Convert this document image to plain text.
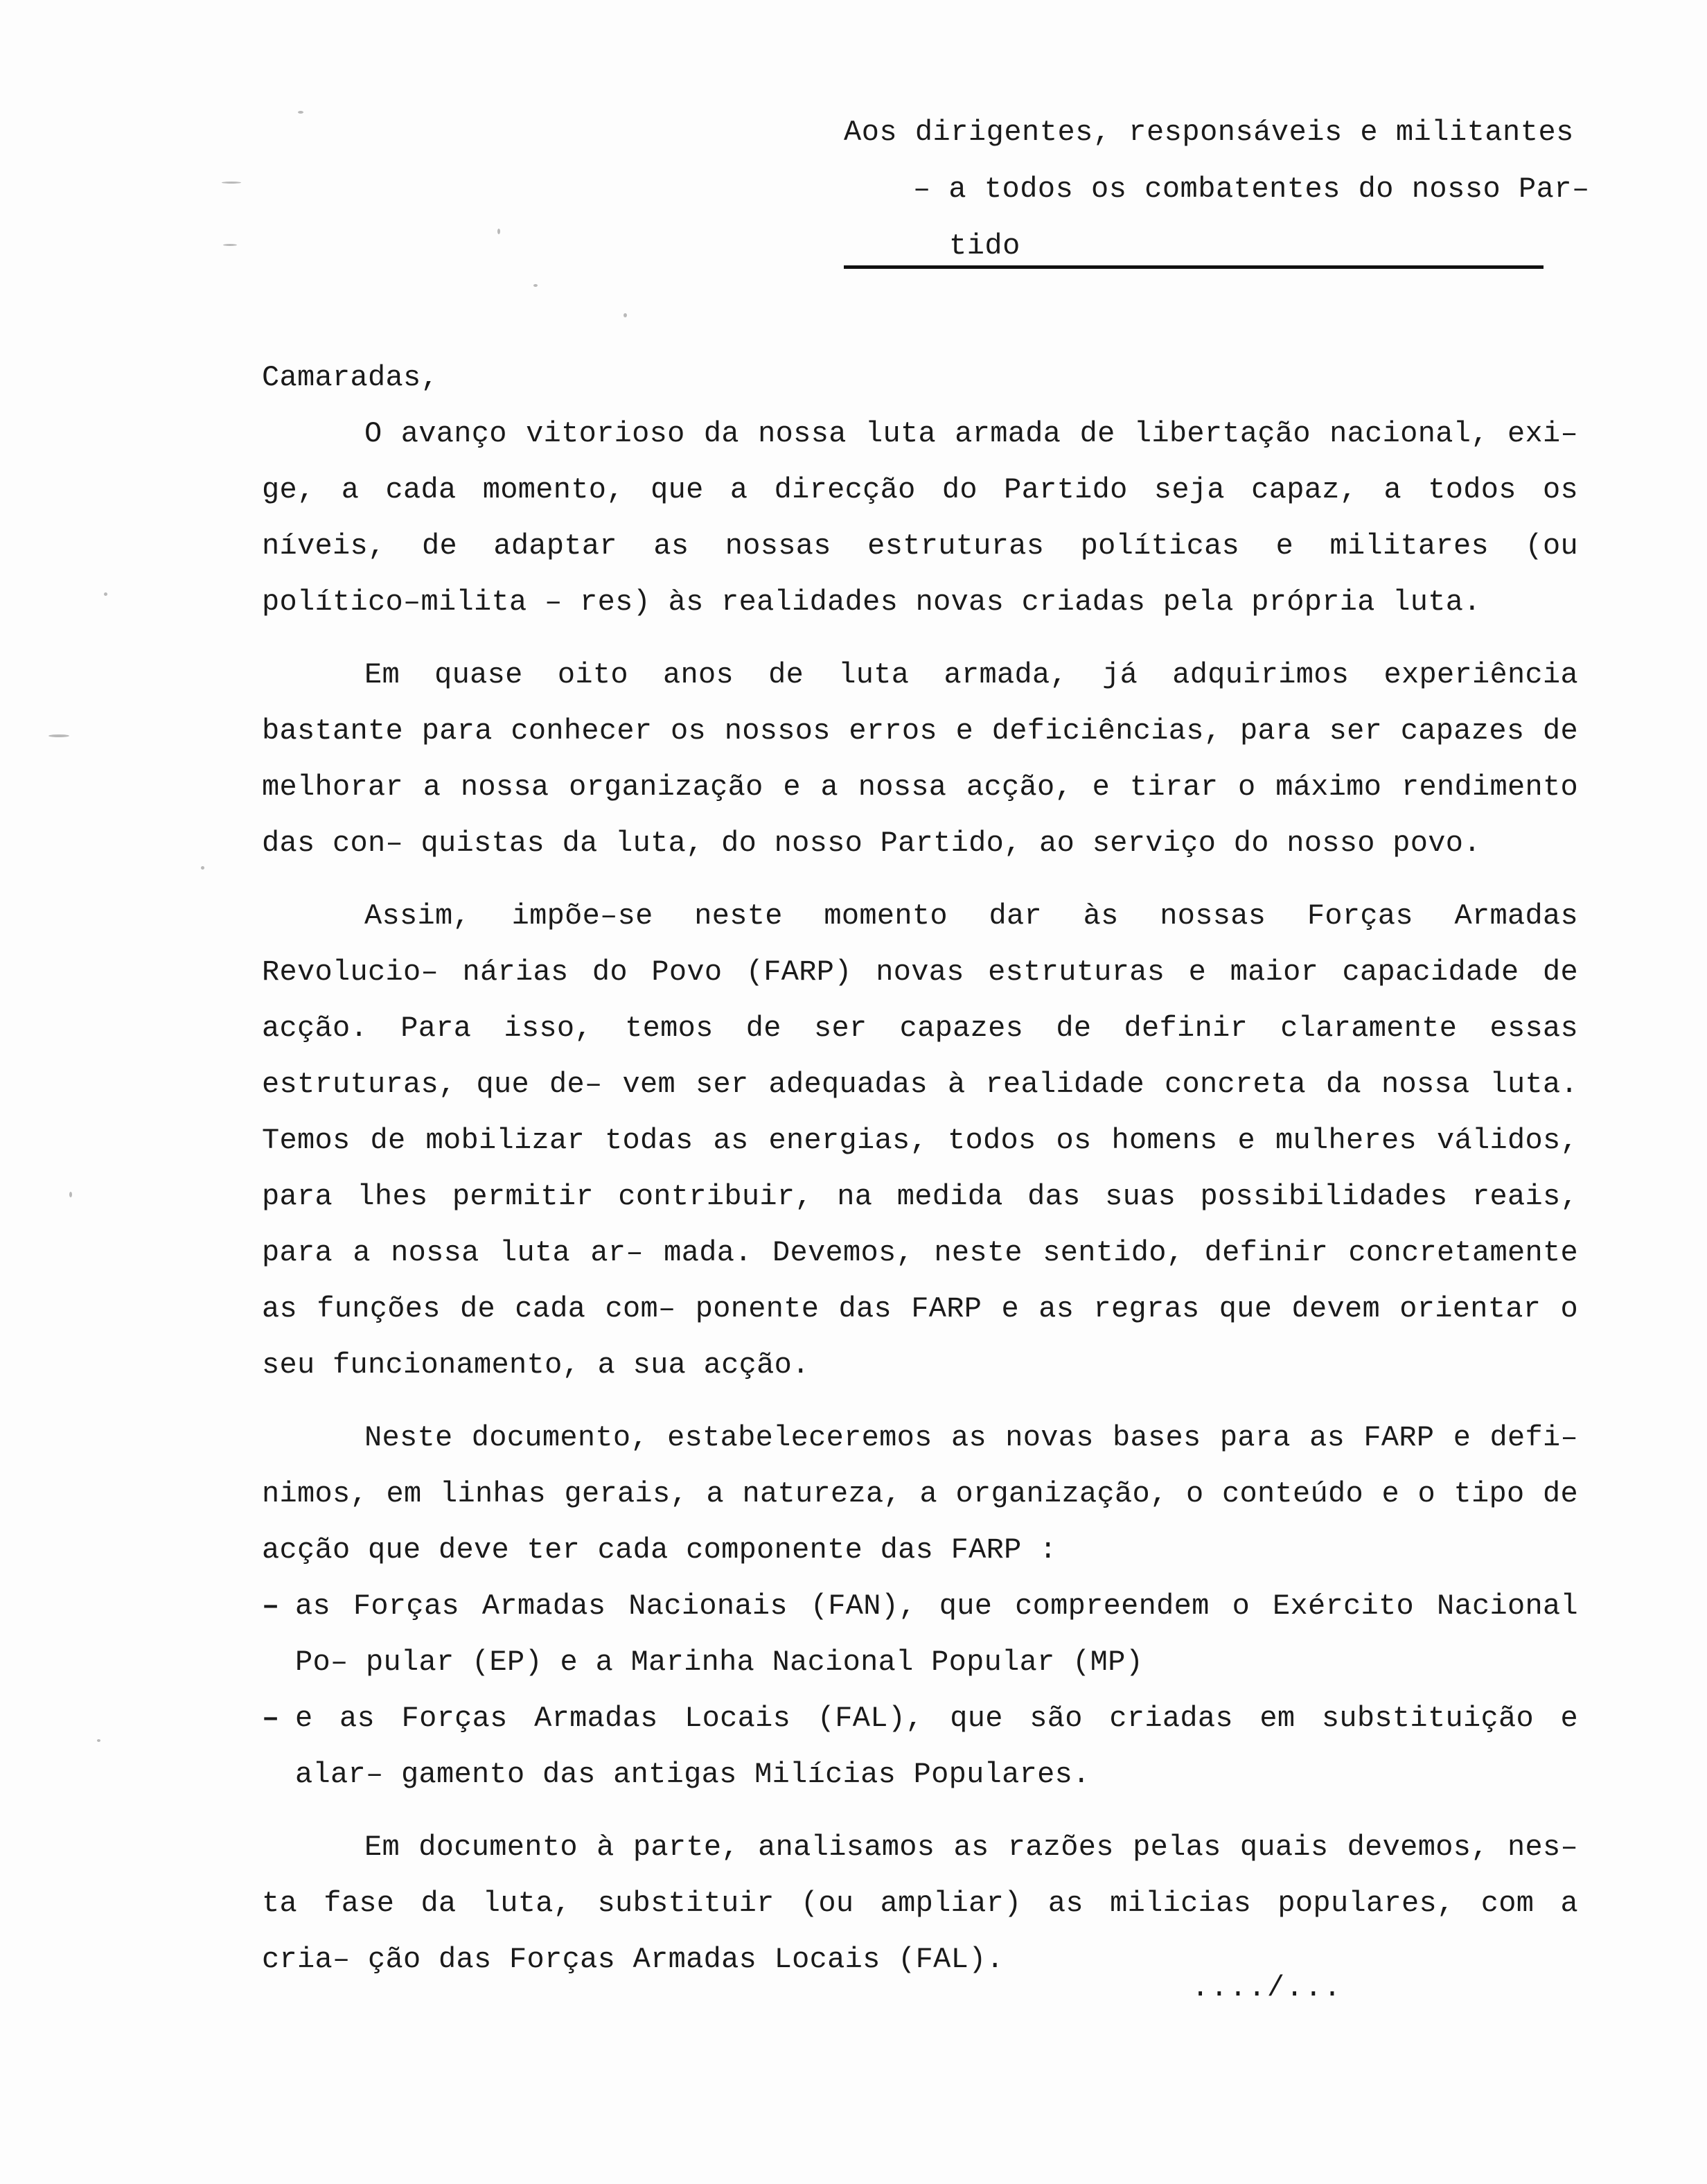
Aos dirigentes, responsáveis e militantes
– a todos os combatentes do nosso Par–
tido

Camaradas,

O avanço vitorioso da nossa luta armada de libertação nacional, exi– ge, a cada momento, que a direcção do Partido seja capaz, a todos os níveis, de adaptar as nossas estruturas políticas e militares (ou político–milita – res) às realidades novas criadas pela própria luta.

Em quase oito anos de luta armada, já adquirimos experiência bastante para conhecer os nossos erros e deficiências, para ser capazes de melhorar a nossa organização e a nossa acção, e tirar o máximo rendimento das con– quistas da luta, do nosso Partido, ao serviço do nosso povo.

Assim, impõe–se neste momento dar às nossas Forças Armadas Revolucio– nárias do Povo (FARP) novas estruturas e maior capacidade de acção. Para isso, temos de ser capazes de definir claramente essas estruturas, que de– vem ser adequadas à realidade concreta da nossa luta. Temos de mobilizar todas as energias, todos os homens e mulheres válidos, para lhes permitir contribuir, na medida das suas possibilidades reais, para a nossa luta ar– mada. Devemos, neste sentido, definir concretamente as funções de cada com– ponente das FARP e as regras que devem orientar o seu funcionamento, a sua acção.

Neste documento, estabeleceremos as novas bases para as FARP e defi– nimos, em linhas gerais, a natureza, a organização, o conteúdo e o tipo de acção que deve ter cada componente das FARP :

– as Forças Armadas Nacionais (FAN), que compreendem o Exército Nacional Po– pular (EP) e a Marinha Nacional Popular (MP)
– e as Forças Armadas Locais (FAL), que são criadas em substituição e alar– gamento das antigas Milícias Populares.

Em documento à parte, analisamos as razões pelas quais devemos, nes– ta fase da luta, substituir (ou ampliar) as milicias populares, com a cria– ção das Forças Armadas Locais (FAL).

..../...
